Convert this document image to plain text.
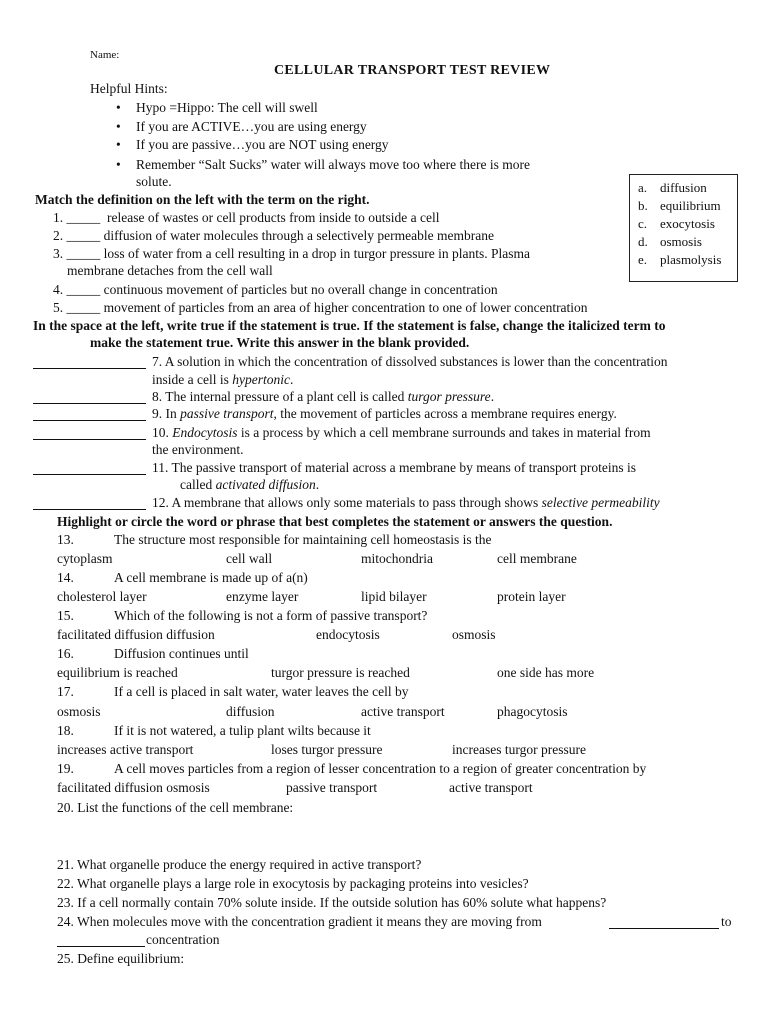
Name:
CELLULAR TRANSPORT TEST REVIEW
Helpful Hints:
• Hypo =Hippo: The cell will swell
• If you are ACTIVE…you are using energy
• If you are passive…you are NOT using energy
• Remember “Salt Sucks” water will always move too where there is more
solute.	a. diffusion
b. equilibrium
c. exocytosis
d. osmosis
e. plasmolysis
Match the definition on the left with the term on the right.
1. _____ release of wastes or cell products from inside to outside a cell
2. _____ diffusion of water molecules through a selectively permeable membrane
3. _____ loss of water from a cell resulting in a drop in turgor pressure in plants. Plasma
membrane detaches from the cell wall
4. _____ continuous movement of particles but no overall change in concentration
5. _____ movement of particles from an area of higher concentration to one of lower concentration
In the space at the left, write true if the statement is true. If the statement is false, change the italicized term to
make the statement true. Write this answer in the blank provided.
7. A solution in which the concentration of dissolved substances is lower than the concentration
inside a cell is hypertonic.
8. The internal pressure of a plant cell is called turgor pressure.
9. In passive transport, the movement of particles across a membrane requires energy.
10. Endocytosis is a process by which a cell membrane surrounds and takes in material from
the environment.
11. The passive transport of material across a membrane by means of transport proteins is
called activated diffusion.
12. A membrane that allows only some materials to pass through shows selective permeability
Highlight or circle the word or phrase that best completes the statement or answers the question.
13.	The structure most responsible for maintaining cell homeostasis is the
cytoplasm	cell wall	mitochondria	cell membrane
14.	A cell membrane is made up of a(n)
cholesterol layer	enzyme layer	lipid bilayer	protein layer
15.	Which of the following is not a form of passive transport?
facilitated diffusion diffusion	endocytosis	osmosis
16.	Diffusion continues until
equilibrium is reached	turgor pressure is reached	one side has more
17.	If a cell is placed in salt water, water leaves the cell by
osmosis	diffusion	active transport	phagocytosis
18.	If it is not watered, a tulip plant wilts because it
increases active transport	loses turgor pressure	increases turgor pressure
19.	A cell moves particles from a region of lesser concentration to a region of greater concentration by
facilitated diffusion osmosis	passive transport	active transport
20. List the functions of the cell membrane:
21. What organelle produce the energy required in active transport?
22. What organelle plays a large role in exocytosis by packaging proteins into vesicles?
23. If a cell normally contain 70% solute inside. If the outside solution has 60% solute what happens?
24. When molecules move with the concentration gradient it means they are moving from	to
concentration
25. Define equilibrium:
